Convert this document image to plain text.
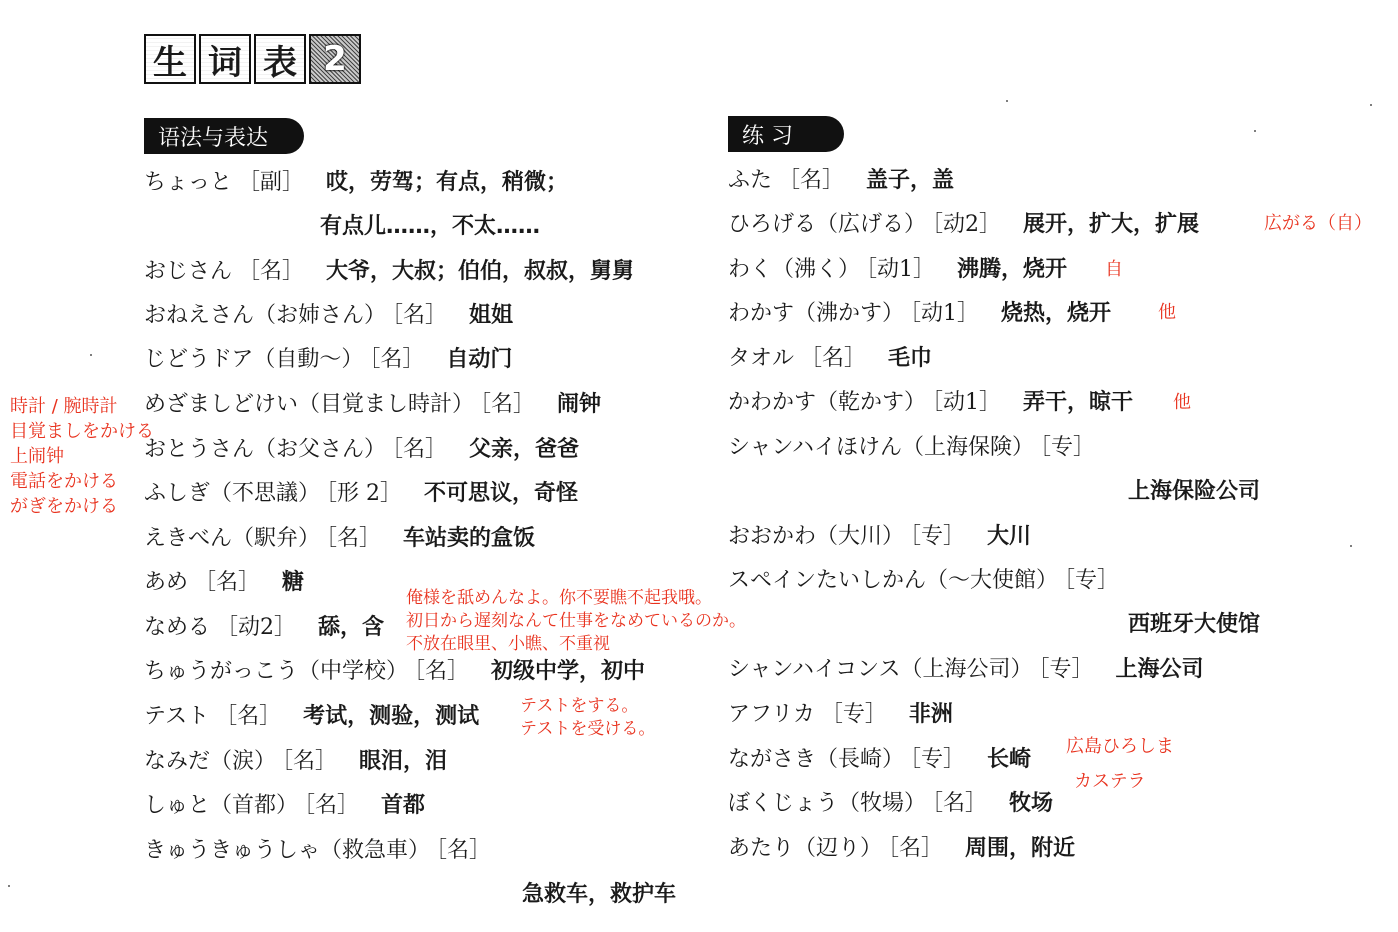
生 词 表 2
语法与表达	练 习
ちょっと ［副］ 哎，劳驾；有点，稍微；
有点儿……，不太……
おじさん ［名］ 大爷，大叔；伯伯，叔叔，舅舅
おねえさん（お姉さん） ［名］ 姐姐
じどうドア（自動～） ［名］ 自动门
めざましどけい（目覚まし時計） ［名］ 闹钟
おとうさん（お父さん） ［名］ 父亲，爸爸
ふしぎ（不思議） ［形 2］ 不可思议，奇怪
えきべん（駅弁） ［名］ 车站卖的盒饭
あめ ［名］ 糖
なめる ［动2］ 舔，含
ちゅうがっこう（中学校） ［名］ 初级中学，初中
テスト ［名］ 考试，测验，测试
なみだ（涙） ［名］ 眼泪，泪
しゅと（首都） ［名］ 首都
きゅうきゅうしゃ（救急車） ［名］
急救车，救护车
ふた ［名］ 盖子，盖
ひろげる（広げる） ［动2］ 展开，扩大，扩展
わく（沸く） ［动1］ 沸腾，烧开
わかす（沸かす） ［动1］ 烧热，烧开
タオル ［名］ 毛巾
かわかす（乾かす） ［动1］ 弄干，晾干
シャンハイほけん（上海保険） ［专］
上海保险公司
おおかわ（大川） ［专］ 大川
スペインたいしかん（～大使館） ［专］
西班牙大使馆
シャンハイコンス（上海公司） ［专］ 上海公司
アフリカ ［专］ 非洲
ながさき（長崎） ［专］ 长崎
ぼくじょう（牧場） ［名］ 牧场
あたり（辺り） ［名］ 周围，附近
時計 / 腕時計
目覚ましをかける
上闹钟
電話をかける
がぎをかける
俺様を舐めんなよ。你不要瞧不起我哦。
初日から遅刻なんて仕事をなめているのか。
不放在眼里、小瞧、不重视
テストをする。
テストを受ける。
広がる（自）
自
他
他
広島ひろしま
カステラ
